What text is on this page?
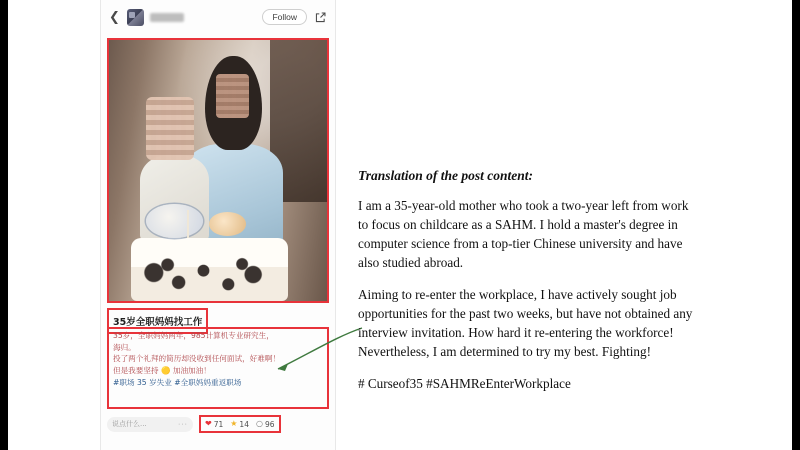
❮	Follow
35岁全职妈妈找工作

35岁，全职妈妈两年，985计算机专业研究生，

海归。

投了两个礼拜的简历却没收到任何面试，好难啊！

但是我要坚持 🟡 加油加油！

#职场 35 岁失业 #全职妈妈重返职场

说点什么...	··· ❤ 71 ★ 14 ○ 96
Translation of the post content:

I am a 35-year-old mother who took a two-year left from work to focus on childcare as a SAHM. I hold a master's degree in computer science from a top-tier Chinese university and have also studied abroad.

Aiming to re-enter the workplace, I have actively sought job opportunities for the past two weeks, but have not obtained any interview invitation. How hard it re-entering the workforce! Nevertheless, I am determined to try my best. Fighting!

# Curseof35 #SAHMReEnterWorkplace
